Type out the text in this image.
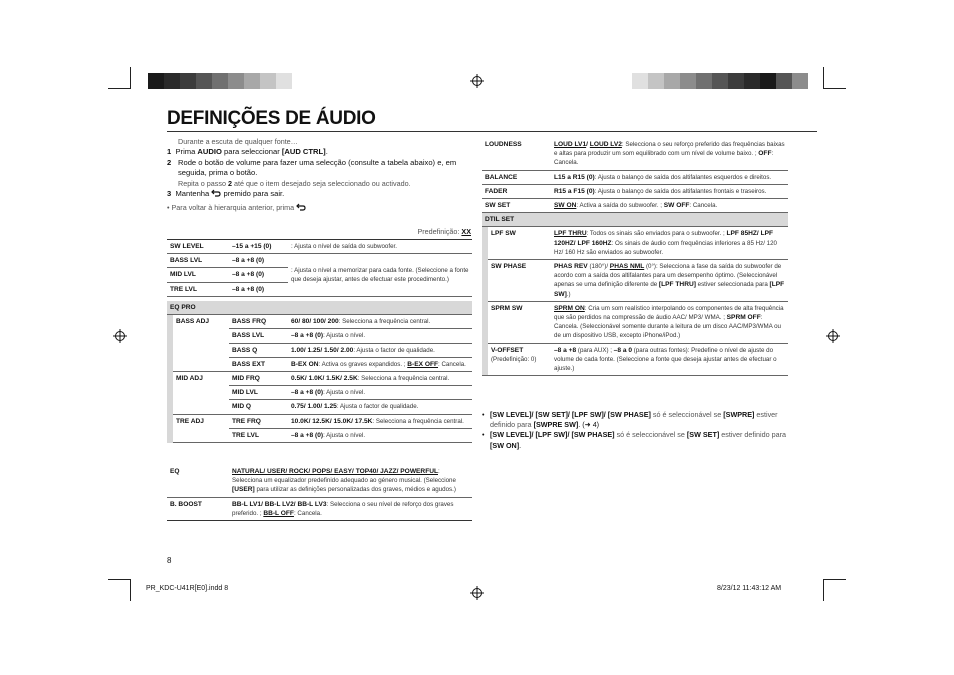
DEFINIÇÕES DE ÁUDIO
Durante a escuta de qualquer fonte…
1 Prima AUDIO para seleccionar [AUD CTRL].
2 Rode o botão de volume para fazer uma selecção (consulte a tabela abaixo) e, em seguida, prima o botão.
Repita o passo 2 até que o item desejado seja seleccionado ou activado.
3 Mantenha  premido para sair.
• Para voltar à hierarquia anterior, prima
Predefinição: XX
SW LEVEL	–15 a +15 (0)	: Ajusta o nível de saída do subwoofer.
BASS LVL	–8 a +8 (0)	: Ajusta o nível a memorizar para cada fonte. (Seleccione a fonte que deseja ajustar, antes de efectuar este procedimento.)
MID LVL	–8 a +8 (0)	
TRE LVL	–8 a +8 (0)	
EQ PRO			
	BASS ADJ	BASS FRQ	60/ 80/ 100/ 200: Selecciona a frequência central.
		BASS LVL	–8 a +8 (0): Ajusta o nível.
		BASS Q	1.00/ 1.25/ 1.50/ 2.00: Ajusta o factor de qualidade.
		BASS EXT	B-EX ON: Activa os graves expandidos. ; B-EX OFF: Cancela.
	MID ADJ	MID FRQ	0.5K/ 1.0K/ 1.5K/ 2.5K: Selecciona a frequência central.
		MID LVL	–8 a +8 (0): Ajusta o nível.
		MID Q	0.75/ 1.00/ 1.25: Ajusta o factor de qualidade.
	TRE ADJ	TRE FRQ	10.0K/ 12.5K/ 15.0K/ 17.5K: Selecciona a frequência central.
		TRE LVL	–8 a +8 (0): Ajusta o nível.
EQ	NATURAL/ USER/ ROCK/ POPS/ EASY/ TOP40/ JAZZ/ POWERFUL: Selecciona um equalizador predefinido adequado ao género musical. (Seleccione [USER] para utilizar as definições personalizadas dos graves, médios e agudos.)
B. BOOST	BB-L LV1/ BB-L LV2/ BB-L LV3: Selecciona o seu nível de reforço dos graves preferido. ; BB-L OFF: Cancela.
LOUDNESS		LOUD LV1/ LOUD LV2: Selecciona o seu reforço preferido das frequências baixas e altas para produzir um som equilibrado com um nível de volume baixo. ; OFF: Cancela.
BALANCE		L15 a R15 (0): Ajusta o balanço de saída dos altifalantes esquerdos e direitos.
FADER		R15 a F15 (0): Ajusta o balanço de saída dos altifalantes frontais e traseiros.
SW SET		SW ON: Activa a saída do subwoofer. ; SW OFF: Cancela.
DTIL SET		
	LPF SW	LPF THRU: Todos os sinais são enviados para o subwoofer. ; LPF 85HZ/ LPF 120HZ/ LPF 160HZ: Os sinais de áudio com frequências inferiores a 85 Hz/ 120 Hz/ 160 Hz são enviados ao subwoofer.
	SW PHASE	PHAS REV (180°)/ PHAS NML (0°): Selecciona a fase da saída do subwoofer de acordo com a saída dos altifalantes para um desempenho óptimo. (Seleccionável apenas se uma definição diferente de [LPF THRU] estiver seleccionada para [LPF SW].)
	SPRM SW	SPRM ON: Cria um som realístico interpolando os componentes de alta frequência que são perdidos na compressão de áudio AAC/ MP3/ WMA. ; SPRM OFF: Cancela. (Seleccionável somente durante a leitura de um disco AAC/MP3/WMA ou de um dispositivo USB, excepto iPhone/iPod.)
	V-OFFSET
(Predefinição: 0)	–8 a +8 (para AUX) ; –8 a 0 (para outras fontes): Predefine o nível de ajuste do volume de cada fonte. (Seleccione a fonte que deseja ajustar antes de efectuar o ajuste.)
• [SW LEVEL]/ [SW SET]/ [LPF SW]/ [SW PHASE] só é seleccionável se [SWPRE] estiver definido para [SWPRE SW]. (➜ 4)
• [SW LEVEL]/ [LPF SW]/ [SW PHASE] só é seleccionável se [SW SET] estiver definido para [SW ON].
8
PR_KDC-U41R[E0].indd 8	8/23/12 11:43:12 AM
